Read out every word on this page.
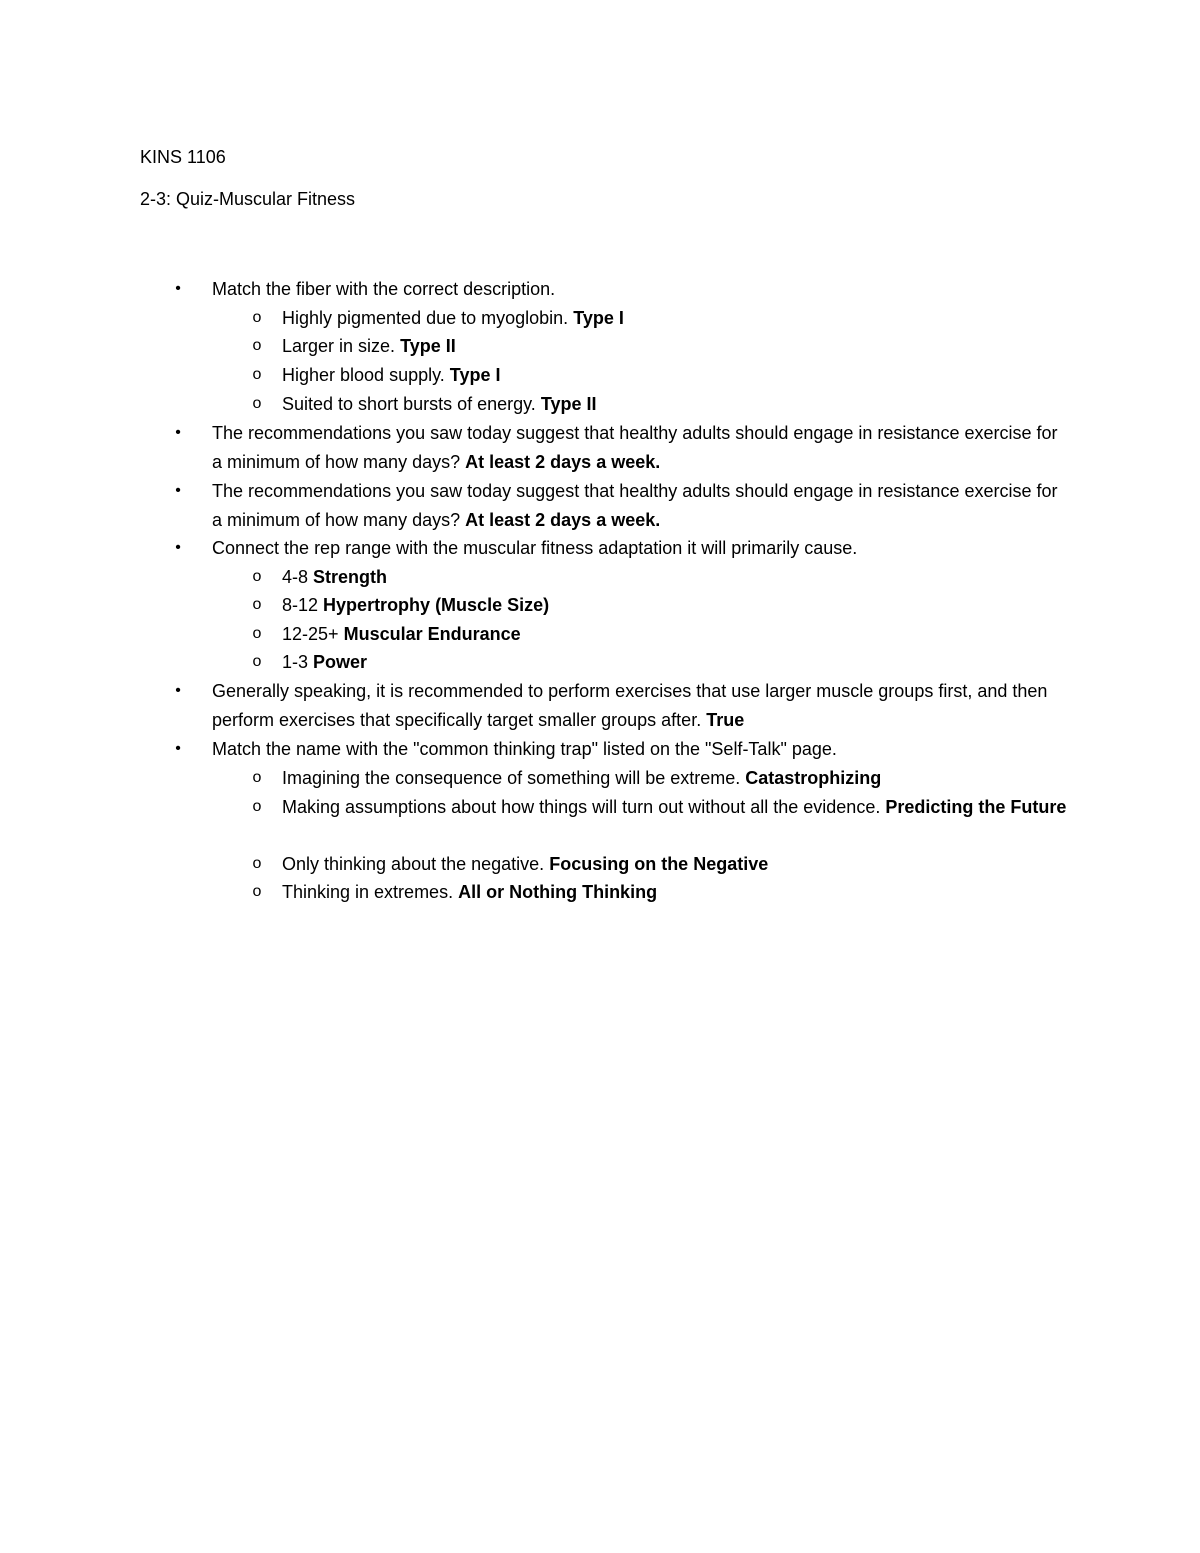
KINS 1106
2-3: Quiz-Muscular Fitness
• Match the fiber with the correct description.
o Highly pigmented due to myoglobin. Type I
o Larger in size. Type II
o Higher blood supply. Type I
o Suited to short bursts of energy. Type II
• The recommendations you saw today suggest that healthy adults should engage in resistance exercise for a minimum of how many days? At least 2 days a week.
• The recommendations you saw today suggest that healthy adults should engage in resistance exercise for a minimum of how many days? At least 2 days a week.
• Connect the rep range with the muscular fitness adaptation it will primarily cause.
o 4-8 Strength
o 8-12 Hypertrophy (Muscle Size)
o 12-25+ Muscular Endurance
o 1-3 Power
• Generally speaking, it is recommended to perform exercises that use larger muscle groups first, and then perform exercises that specifically target smaller groups after. True
• Match the name with the "common thinking trap" listed on the "Self-Talk" page.
o Imagining the consequence of something will be extreme. Catastrophizing
o Making assumptions about how things will turn out without all the evidence. Predicting the Future
o Only thinking about the negative. Focusing on the Negative
o Thinking in extremes. All or Nothing Thinking
